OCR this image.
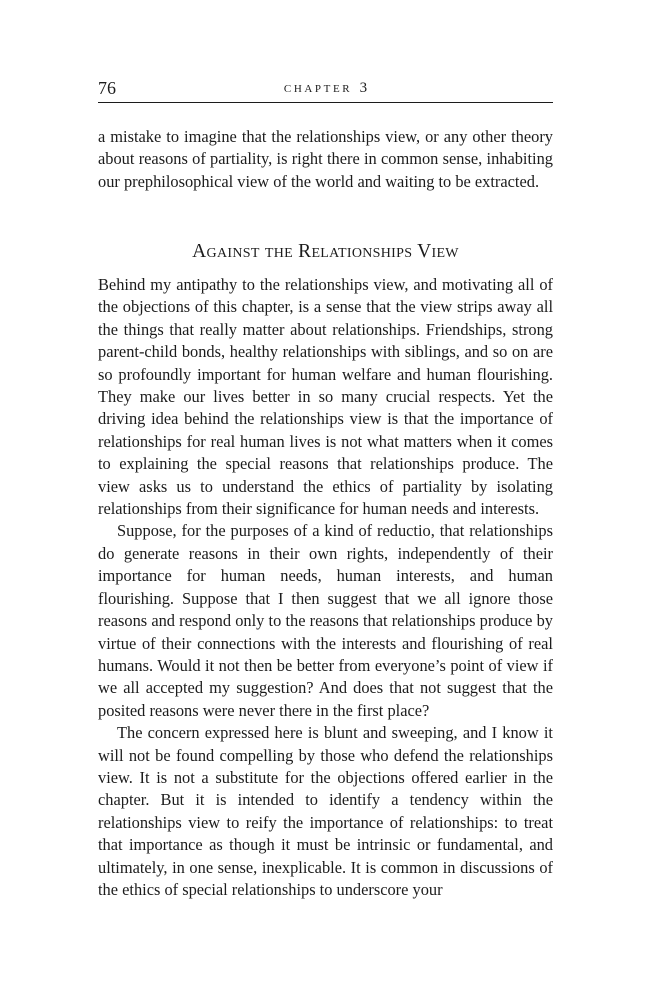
76	CHAPTER 3

a mistake to imagine that the relationships view, or any other theory about reasons of partiality, is right there in common sense, inhabiting our prephilosophical view of the world and waiting to be extracted.

Against the Relationships View

Behind my antipathy to the relationships view, and motivating all of the objections of this chapter, is a sense that the view strips away all the things that really matter about relationships. Friendships, strong parent-child bonds, healthy relationships with siblings, and so on are so profoundly important for human welfare and human flourishing. They make our lives better in so many crucial respects. Yet the driving idea behind the relationships view is that the importance of relationships for real human lives is not what matters when it comes to explaining the special reasons that relationships produce. The view asks us to understand the ethics of partiality by isolating relationships from their significance for human needs and interests.

Suppose, for the purposes of a kind of reductio, that relationships do generate reasons in their own rights, independently of their importance for human needs, human interests, and human flourishing. Suppose that I then suggest that we all ignore those reasons and respond only to the reasons that relationships produce by virtue of their connections with the interests and flourishing of real humans. Would it not then be better from everyone’s point of view if we all accepted my suggestion? And does that not suggest that the posited reasons were never there in the first place?

The concern expressed here is blunt and sweeping, and I know it will not be found compelling by those who defend the relationships view. It is not a substitute for the objections offered earlier in the chapter. But it is intended to identify a tendency within the relationships view to reify the importance of relationships: to treat that importance as though it must be intrinsic or fundamental, and ultimately, in one sense, inexplicable. It is common in discussions of the ethics of special relationships to underscore your
